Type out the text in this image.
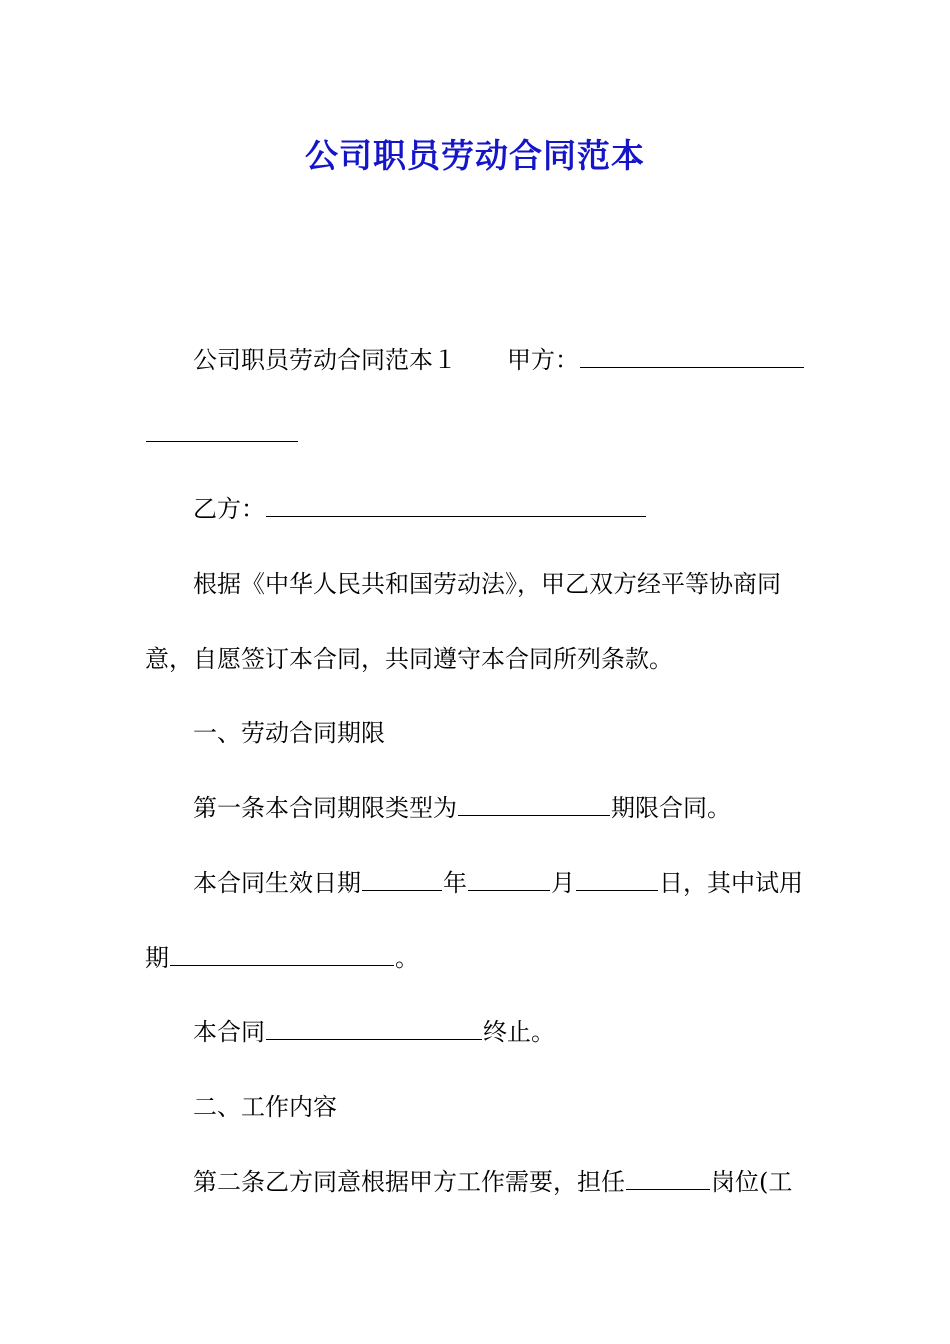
公司职员劳动合同范本
公司职员劳动合同范本１ 甲方：
乙方：
根据《中华人民共和国劳动法》，甲乙双方经平等协商同
意，自愿签订本合同，共同遵守本合同所列条款。
一、劳动合同期限
第一条本合同期限类型为	期限合同。
本合同生效日期	年	月	日，其中试用
期	。
本合同	终止。
二、工作内容
第二条乙方同意根据甲方工作需要，担任	岗位(工
